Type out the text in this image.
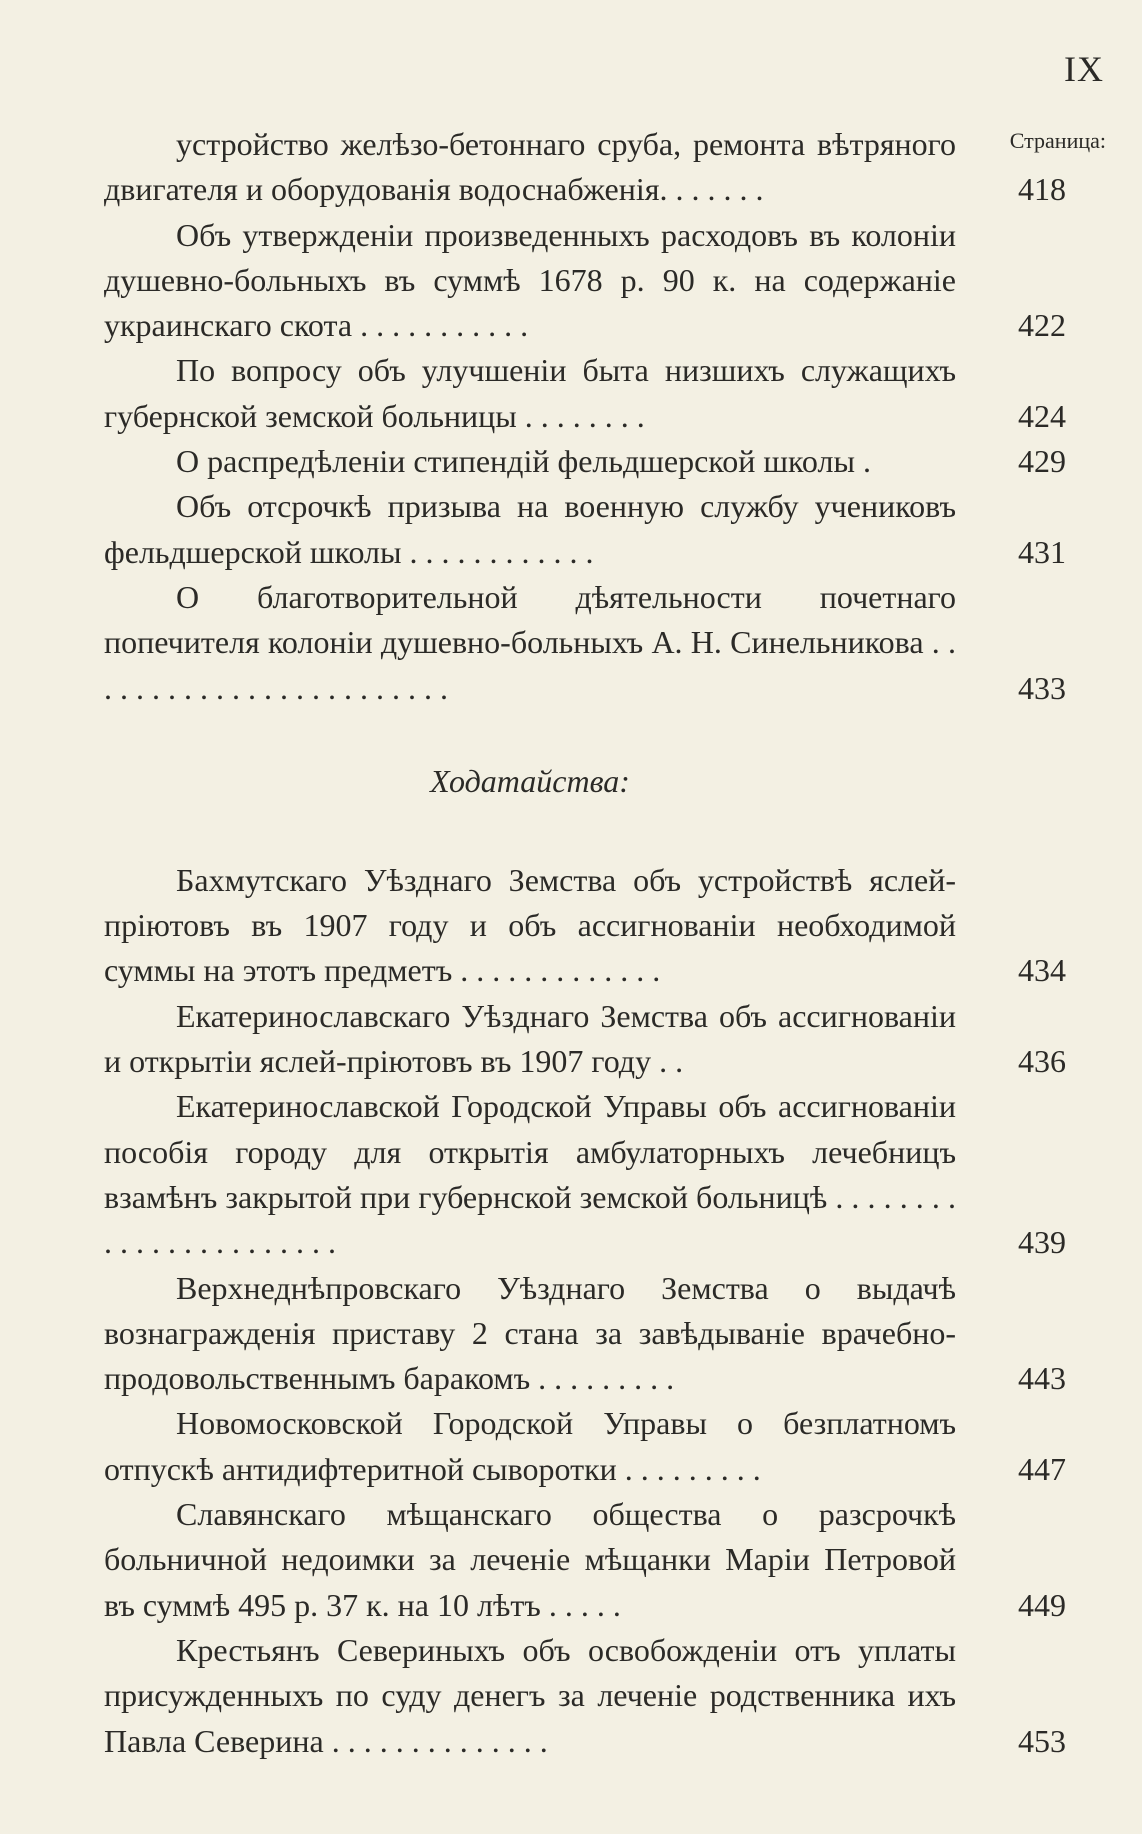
IX
Страница:
устройство желѣзо-бетоннаго сруба, ремонта вѣтряного двигателя и оборудованія водоснабженія. . . . . . .	418
Объ утвержденіи произведенныхъ расходовъ въ колоніи душевно-больныхъ въ суммѣ 1678 р. 90 к. на содержаніе украинскаго скота . . . . . . . . . . .	422
По вопросу объ улучшеніи быта низшихъ служащихъ губернской земской больницы . . . . . . . .	424
О распредѣленіи стипендій фельдшерской школы .	429
Объ отсрочкѣ призыва на военную службу учениковъ фельдшерской школы . . . . . . . . . . . .	431
О благотворительной дѣятельности почетнаго попечителя колоніи душевно-больныхъ А. Н. Синельникова . . . . . . . . . . . . . . . . . . . . . . . .	433
Ходатайства:
Бахмутскаго Уѣзднаго Земства объ устройствѣ яслей-пріютовъ въ 1907 году и объ ассигнованіи необходимой суммы на этотъ предметъ . . . . . . . . . . . . .	434
Екатеринославскаго Уѣзднаго Земства объ ассигнованіи и открытіи яслей-пріютовъ въ 1907 году . .	436
Екатеринославской Городской Управы объ ассигнованіи пособія городу для открытія амбулаторныхъ лечебницъ взамѣнъ закрытой при губернской земской больницѣ . . . . . . . . . . . . . . . . . . . . . . .	439
Верхнеднѣпровскаго Уѣзднаго Земства о выдачѣ вознагражденія приставу 2 стана за завѣдываніе врачебно-продовольственнымъ баракомъ . . . . . . . . .	443
Новомосковской Городской Управы о безплатномъ отпускѣ антидифтеритной сыворотки . . . . . . . . .	447
Славянскаго мѣщанскаго общества о разсрочкѣ больничной недоимки за леченіе мѣщанки Маріи Петровой въ суммѣ 495 р. 37 к. на 10 лѣтъ . . . . .	449
Крестьянъ Севериныхъ объ освобожденіи отъ уплаты присужденныхъ по суду денегъ за леченіе родственника ихъ Павла Северина . . . . . . . . . . . . . .	453
